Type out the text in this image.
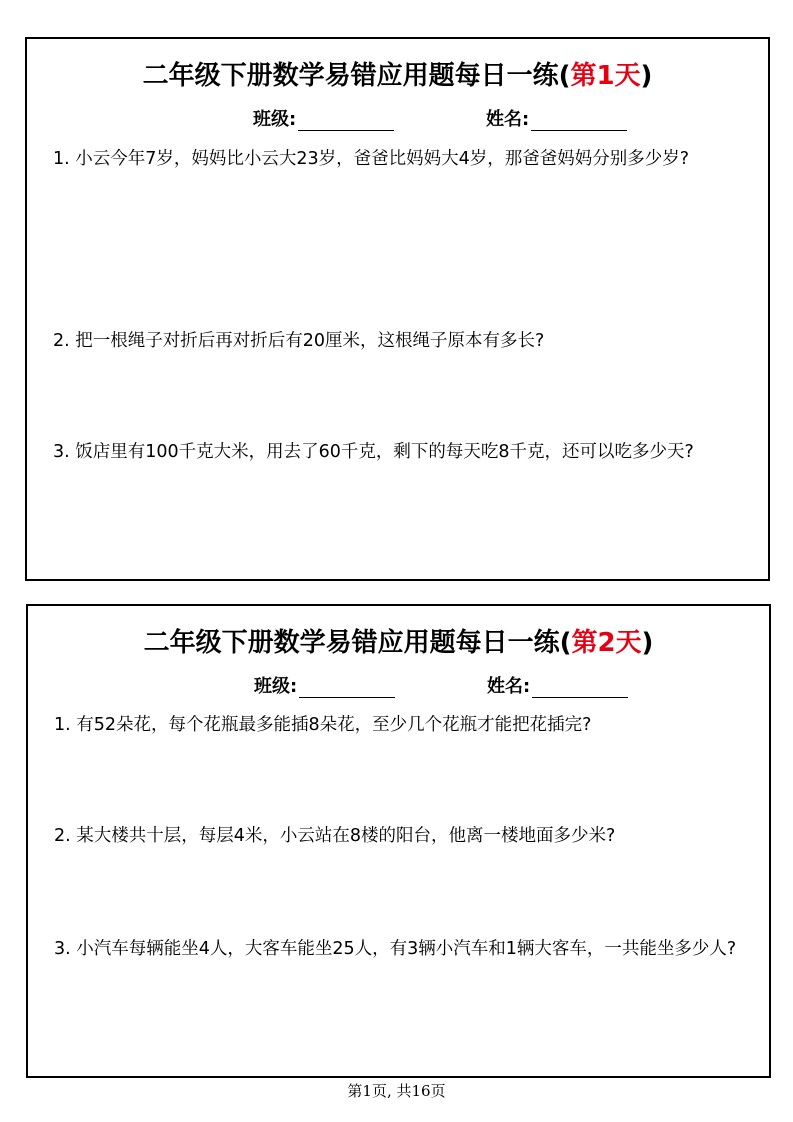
二年级下册数学易错应用题每日一练(第1天)
班级:	姓名:
1. 小云今年7岁，妈妈比小云大23岁，爸爸比妈妈大4岁，那爸爸妈妈分别多少岁?
2. 把一根绳子对折后再对折后有20厘米，这根绳子原本有多长?
3. 饭店里有100千克大米，用去了60千克，剩下的每天吃8千克，还可以吃多少天?
二年级下册数学易错应用题每日一练(第2天)
班级:	姓名:
1. 有52朵花，每个花瓶最多能插8朵花，至少几个花瓶才能把花插完?
2. 某大楼共十层，每层4米，小云站在8楼的阳台，他离一楼地面多少米?
3. 小汽车每辆能坐4人，大客车能坐25人，有3辆小汽车和1辆大客车，一共能坐多少人?
第1页, 共16页
